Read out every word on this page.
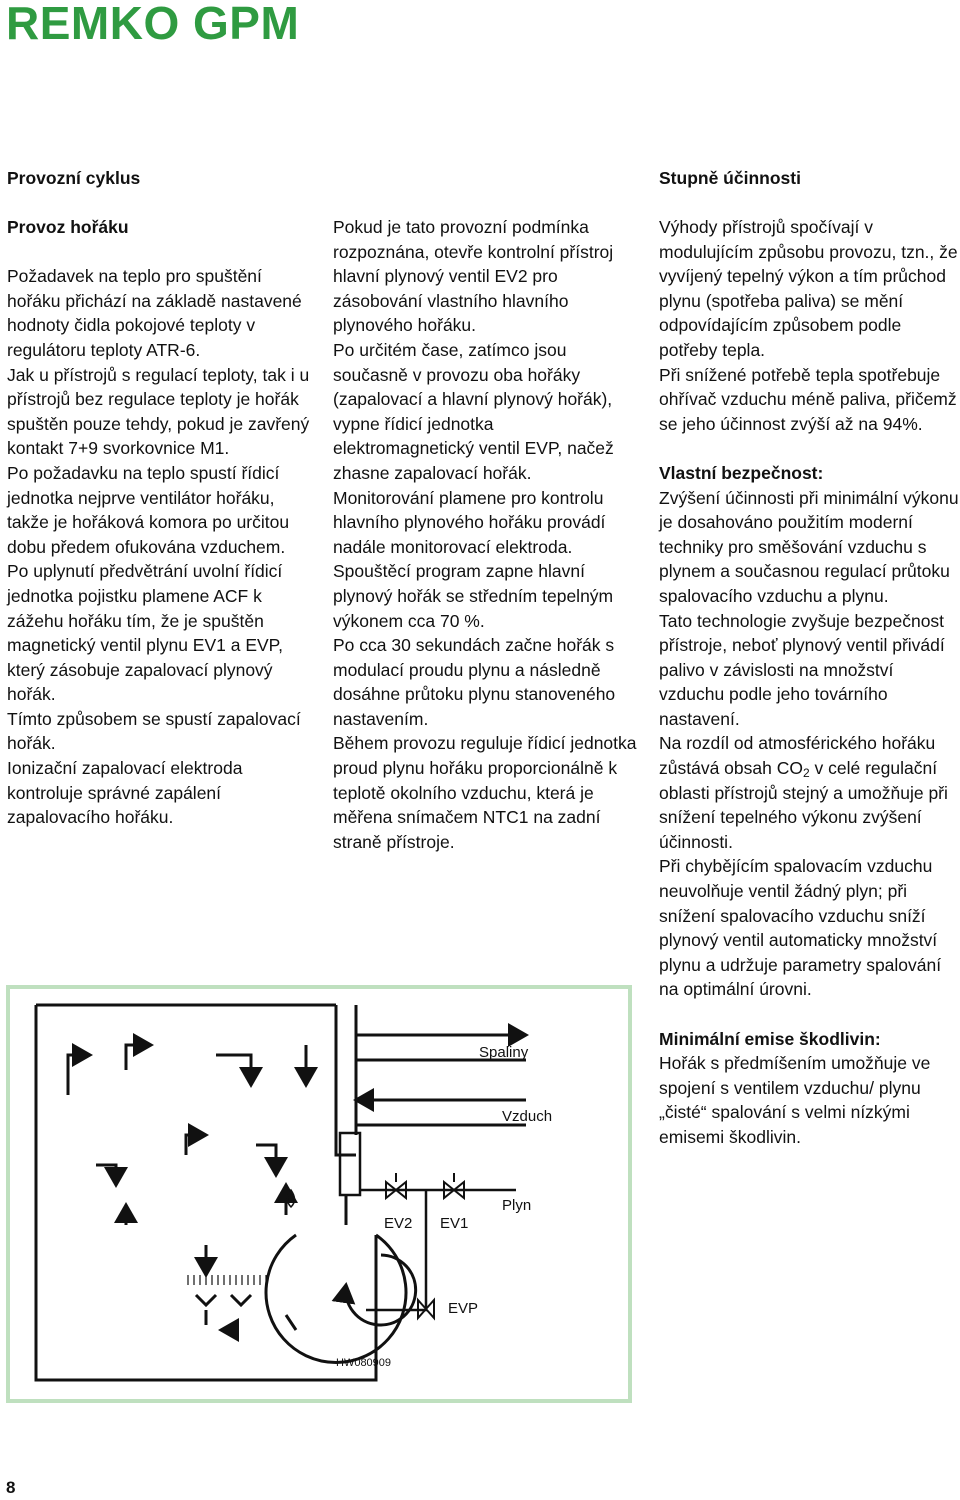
REMKO GPM
Provozní cyklus	Stupně účinnosti
Provoz hořáku

Požadavek na teplo pro spuštění hořáku přichází na základě nastavené hodnoty čidla pokojové teploty v regulátoru teploty ATR-6.

Jak u přístrojů s regulací teploty, tak i u přístrojů bez regulace teploty je hořák spuštěn pouze tehdy, pokud je zavřený kontakt 7+9 svorkovnice M1.

Po požadavku na teplo spustí řídicí jednotka nejprve ventilátor hořáku, takže je hořáková komora po určitou dobu předem ofukována vzduchem.

Po uplynutí předvětrání uvolní řídicí jednotka pojistku plamene ACF k zážehu hořáku tím, že je spuštěn magnetický ventil plynu EV1 a EVP, který zásobuje zapalovací plynový hořák.

Tímto způsobem se spustí zapalovací hořák.

Ionizační zapalovací elektroda kontroluje správné zapálení zapalovacího hořáku.

Pokud je tato provozní podmínka rozpoznána, otevře kontrolní přístroj hlavní plynový ventil EV2 pro zásobování vlastního hlavního plynového hořáku.

Po určitém čase, zatímco jsou současně v provozu oba hořáky (zapalovací a hlavní plynový hořák), vypne řídicí jednotka elektromagnetický ventil EVP, načež zhasne zapalovací hořák.

Monitorování plamene pro kontrolu hlavního plynového hořáku provádí nadále monitorovací elektroda.

Spouštěcí program zapne hlavní plynový hořák se středním tepelným výkonem cca 70 %.

Po cca 30 sekundách začne hořák s modulací proudu plynu a následně dosáhne průtoku plynu stanoveného nastavením.

Během provozu reguluje řídicí jednotka proud plynu hořáku proporcionálně k teplotě okolního vzduchu, která je měřena snímačem NTC1 na zadní straně přístroje.

Výhody přístrojů spočívají v modulujícím způsobu provozu, tzn., že vyvíjený tepelný výkon a tím průchod plynu (spotřeba paliva) se mění odpovídajícím způsobem podle potřeby tepla.

Při snížené potřebě tepla spotřebuje ohřívač vzduchu méně paliva, přičemž se jeho účinnost zvýší až na 94%.

Vlastní bezpečnost:

Zvýšení účinnosti při minimální výkonu je dosahováno použitím moderní techniky pro směšování vzduchu s plynem a současnou regulací průtoku spalovacího vzduchu a plynu.

Tato technologie zvyšuje bezpečnost přístroje, neboť plynový ventil přivádí palivo v závislosti na množství vzduchu podle jeho továrního nastavení.

Na rozdíl od atmosférického hořáku zůstává obsah $CO_2$ v celé regulační oblasti přístrojů stejný a umožňuje při snížení tepelného výkonu zvýšení účinnosti.

Při chybějícím spalovacím vzduchu neuvolňuje ventil žádný plyn; při snížení spalovacího vzduchu sníží plynový ventil automaticky množství plynu a udržuje parametry spalování na optimální úrovni.

Minimální emise škodlivin:

Hořák s předmíšením umožňuje ve spojení s ventilem vzduchu/ plynu „čisté“ spalování s velmi nízkými emisemi škodlivin.

Spaliny
Vzduch
Plyn
EV2 EV1
EVP
HW080909

8
